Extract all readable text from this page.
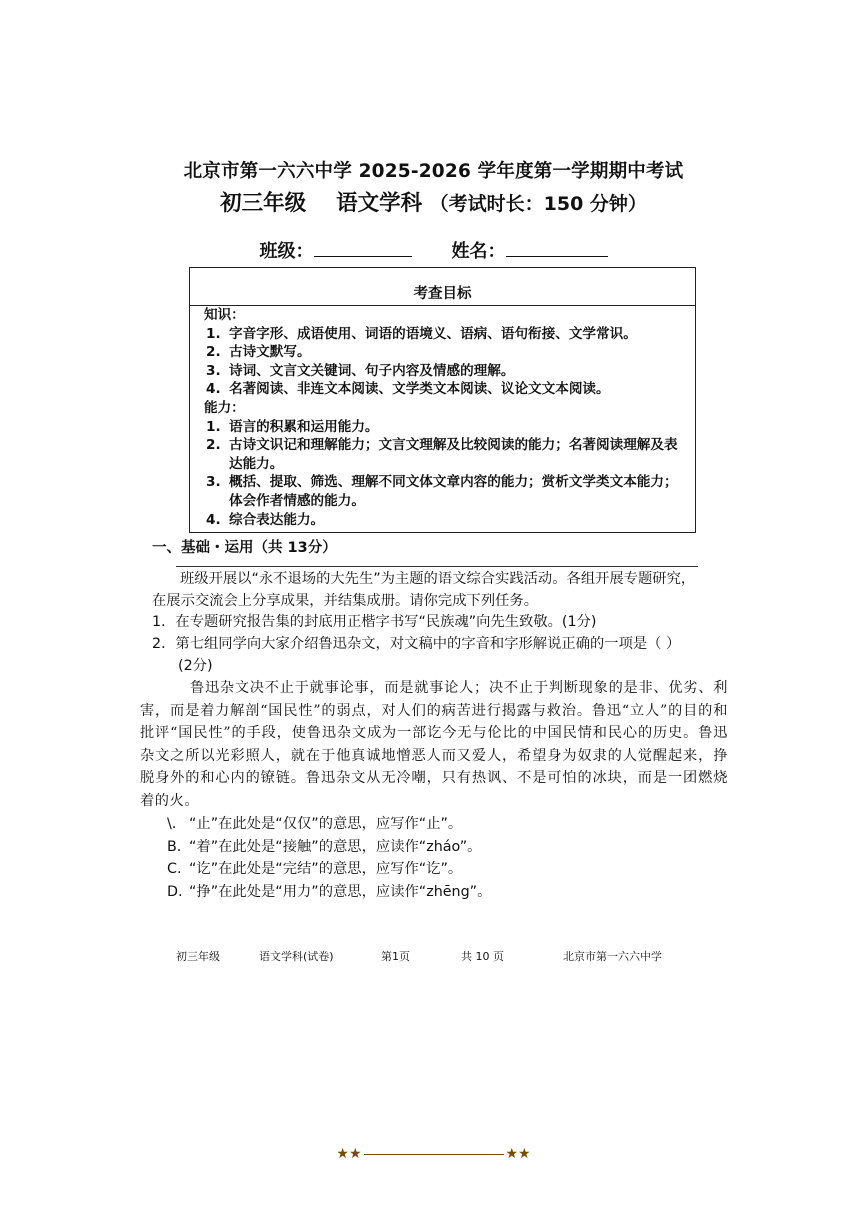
北京市第一六六中学 2025-2026 学年度第一学期期中考试
初三年级 语文学科 （考试时长：150 分钟）
班级：	姓名：
考查目标
知识：
1. 字音字形、成语使用、词语的语境义、语病、语句衔接、文学常识。
2. 古诗文默写。
3. 诗词、文言文关键词、句子内容及情感的理解。
4. 名著阅读、非连文本阅读、文学类文本阅读、议论文文本阅读。
能力：
1. 语言的积累和运用能力。
2. 古诗文识记和理解能力；文言文理解及比较阅读的能力；名著阅读理解及表达能力。
3. 概括、提取、筛选、理解不同文体文章内容的能力；赏析文学类文本能力；体会作者情感的能力。
4. 综合表达能力。
一、基础・运用（共 13分）
班级开展以“永不退场的大先生”为主题的语文综合实践活动。各组开展专题研究，在展示交流会上分享成果，并结集成册。请你完成下列任务。
1．在专题研究报告集的封底用正楷字书写“民族魂”向先生致敬。(1分)
2．第七组同学向大家介绍鲁迅杂文，对文稿中的字音和字形解说正确的一项是（ ）
(2分)
鲁迅杂文决不止于就事论事，而是就事论人；决不止于判断现象的是非、优劣、利害，而是着力解剖“国民性”的弱点，对人们的病苦进行揭露与救治。鲁迅“立人”的目的和批评“国民性”的手段，使鲁迅杂文成为一部讫今无与伦比的中国民情和民心的历史。鲁迅杂文之所以光彩照人，就在于他真诚地憎恶人而又爱人，希望身为奴隶的人觉醒起来，挣脱身外的和心内的镣链。鲁迅杂文从无冷嘲，只有热讽、不是可怕的冰块，而是一团燃烧着的火。
\. “止”在此处是“仅仅”的意思，应写作“止”。
B. “着”在此处是“接触”的意思，应读作“zháo”。
C. “讫”在此处是“完结”的意思，应写作“讫”。
D. “挣”在此处是“用力”的意思，应读作“zhēng”。
初三年级	语文学科(试卷)	第1页	共 10 页	北京市第一六六中学
★★	★★
